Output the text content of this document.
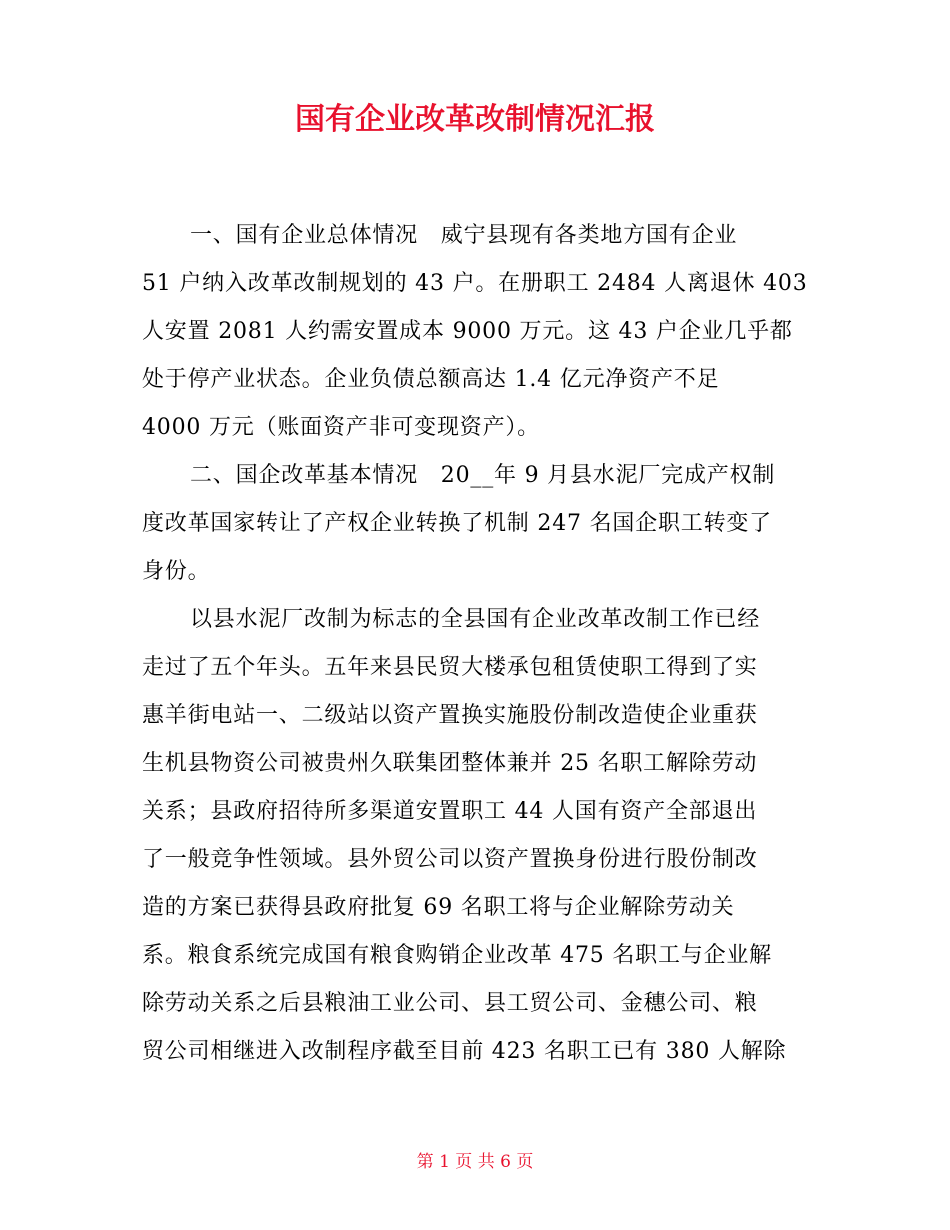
国有企业改革改制情况汇报
一、国有企业总体情况　威宁县现有各类地方国有企业
51 户纳入改革改制规划的 43 户。在册职工 2484 人离退休 403
人安置 2081 人约需安置成本 9000 万元。这 43 户企业几乎都
处于停产业状态。企业负债总额高达 1.4 亿元净资产不足
4000 万元（账面资产非可变现资产）。
二、国企改革基本情况　20__年 9 月县水泥厂完成产权制
度改革国家转让了产权企业转换了机制 247 名国企职工转变了
身份。
以县水泥厂改制为标志的全县国有企业改革改制工作已经
走过了五个年头。五年来县民贸大楼承包租赁使职工得到了实
惠羊街电站一、二级站以资产置换实施股份制改造使企业重获
生机县物资公司被贵州久联集团整体兼并 25 名职工解除劳动
关系；县政府招待所多渠道安置职工 44 人国有资产全部退出
了一般竞争性领域。县外贸公司以资产置换身份进行股份制改
造的方案已获得县政府批复 69 名职工将与企业解除劳动关
系。粮食系统完成国有粮食购销企业改革 475 名职工与企业解
除劳动关系之后县粮油工业公司、县工贸公司、金穗公司、粮
贸公司相继进入改制程序截至目前 423 名职工已有 380 人解除
第 1 页 共 6 页
